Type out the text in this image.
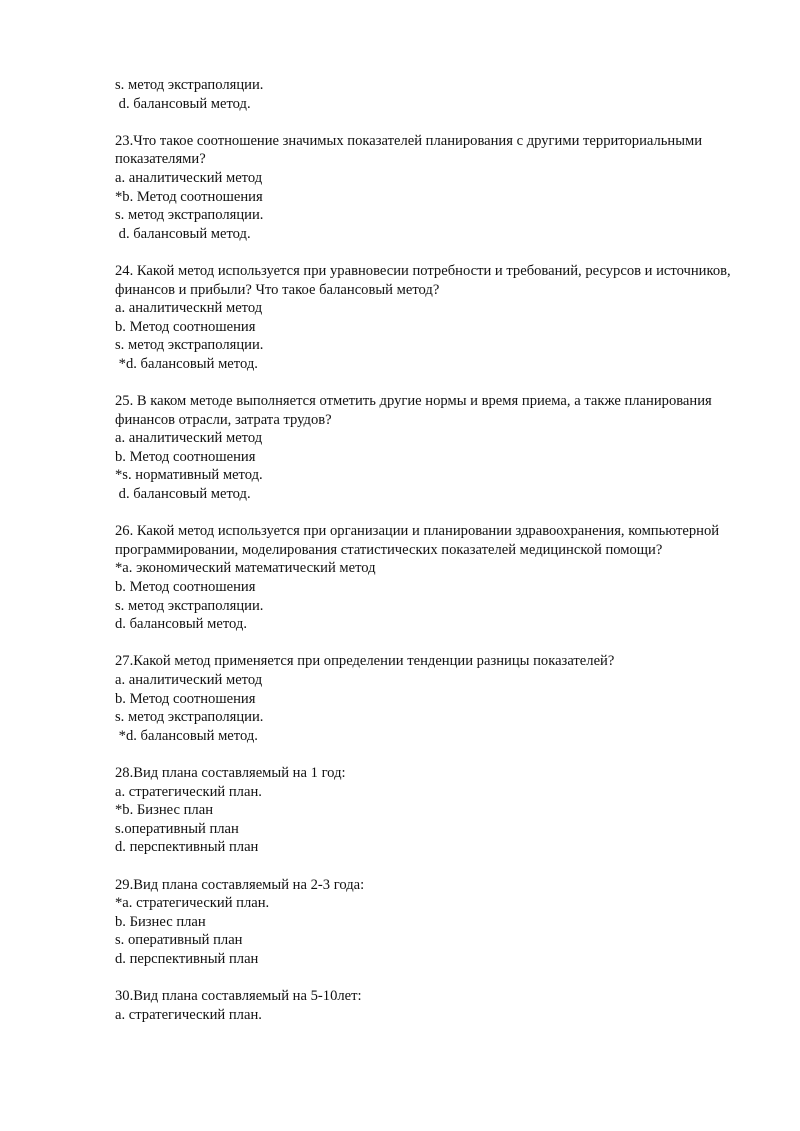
s. метод экстраполяции.
d. балансовый метод.
23.Что такое соотношение значимых показателей планирования с другими территориальными показателями?
a. аналитический метод
*b. Метод соотношения
s. метод экстраполяции.
d. балансовый метод.
24. Какой метод используется при уравновесии потребности и требований, ресурсов и источников, финансов и прибыли? Что такое балансовый метод?
a. аналитическнй метод
b. Метод соотношения
s. метод экстраполяции.
*d. балансовый метод.
25. В каком методе выполняется отметить другие нормы и время приема, а также планирования финансов отрасли, затрата трудов?
a. аналитический метод
b. Метод соотношения
*s. нормативный метод.
d. балансовый метод.
26. Какой метод используется при организации и планировании здравоохранения, компьютерной программировании, моделирования статистических показателей медицинской помощи?
*a. экономический математический метод
b. Метод соотношения
s. метод экстраполяции.
d. балансовый метод.
27.Какой метод применяется при определении тенденции разницы показателей?
a. аналитический метод
b. Метод соотношения
s. метод экстраполяции.
*d. балансовый метод.
28.Вид плана составляемый на 1 год:
a. стратегический план.
*b. Бизнес план
s.оперативный план
d. перспективный план
29.Вид плана составляемый на 2-3 года:
*a. стратегический план.
b. Бизнес план
s. оперативный план
d. перспективный план
30.Вид плана составляемый на 5-10лет:
a. стратегический план.
